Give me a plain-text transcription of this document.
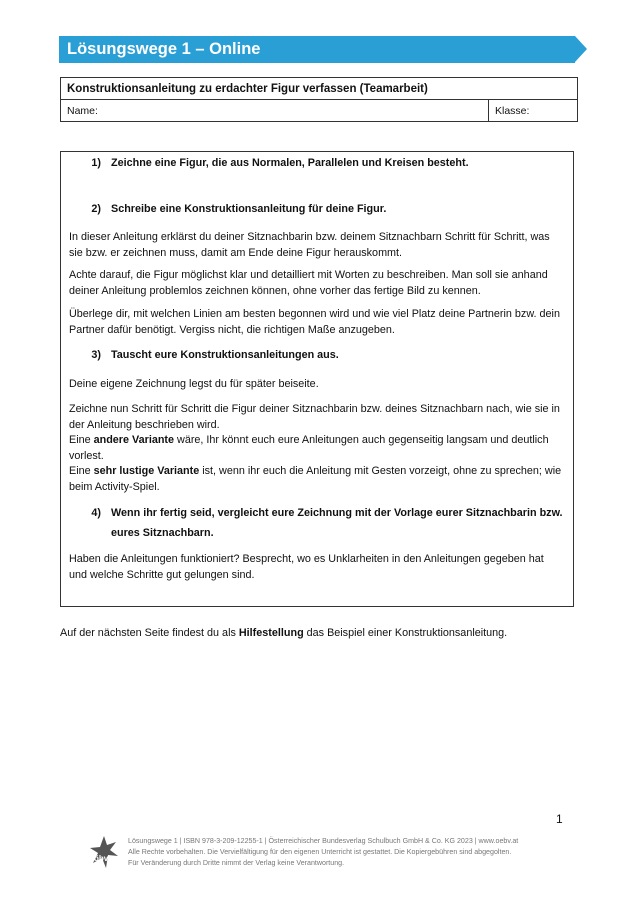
Lösungswege 1 – Online
Konstruktionsanleitung zu erdachter Figur verfassen (Teamarbeit)
Name:	Klasse:
1) Zeichne eine Figur, die aus Normalen, Parallelen und Kreisen besteht.
2) Schreibe eine Konstruktionsanleitung für deine Figur.

In dieser Anleitung erklärst du deiner Sitznachbarin bzw. deinem Sitznachbarn Schritt für Schritt, was sie bzw. er zeichnen muss, damit am Ende deine Figur herauskommt.

Achte darauf, die Figur möglichst klar und detailliert mit Worten zu beschreiben. Man soll sie anhand deiner Anleitung problemlos zeichnen können, ohne vorher das fertige Bild zu kennen.

Überlege dir, mit welchen Linien am besten begonnen wird und wie viel Platz deine Partnerin bzw. dein Partner dafür benötigt. Vergiss nicht, die richtigen Maße anzugeben.

3) Tauscht eure Konstruktionsanleitungen aus.

Deine eigene Zeichnung legst du für später beiseite.

Zeichne nun Schritt für Schritt die Figur deiner Sitznachbarin bzw. deines Sitznachbarn nach, wie sie in der Anleitung beschrieben wird.
Eine andere Variante wäre, Ihr könnt euch eure Anleitungen auch gegenseitig langsam und deutlich vorlest.
Eine sehr lustige Variante ist, wenn ihr euch die Anleitung mit Gesten vorzeigt, ohne zu sprechen; wie beim Activity-Spiel.

4) Wenn ihr fertig seid, vergleicht eure Zeichnung mit der Vorlage eurer Sitznachbarin bzw.
eures Sitznachbarn.

Haben die Anleitungen funktioniert? Besprecht, wo es Unklarheiten in den Anleitungen gegeben hat und welche Schritte gut gelungen sind.

Auf der nächsten Seite findest du als Hilfestellung das Beispiel einer Konstruktionsanleitung.
1
öbv
Lösungswege 1 | ISBN 978-3-209-12255-1 | Österreichischer Bundesverlag Schulbuch GmbH & Co. KG 2023 | www.oebv.at
Alle Rechte vorbehalten. Die Vervielfältigung für den eigenen Unterricht ist gestattet. Die Kopiergebühren sind abgegolten.
Für Veränderung durch Dritte nimmt der Verlag keine Verantwortung.
